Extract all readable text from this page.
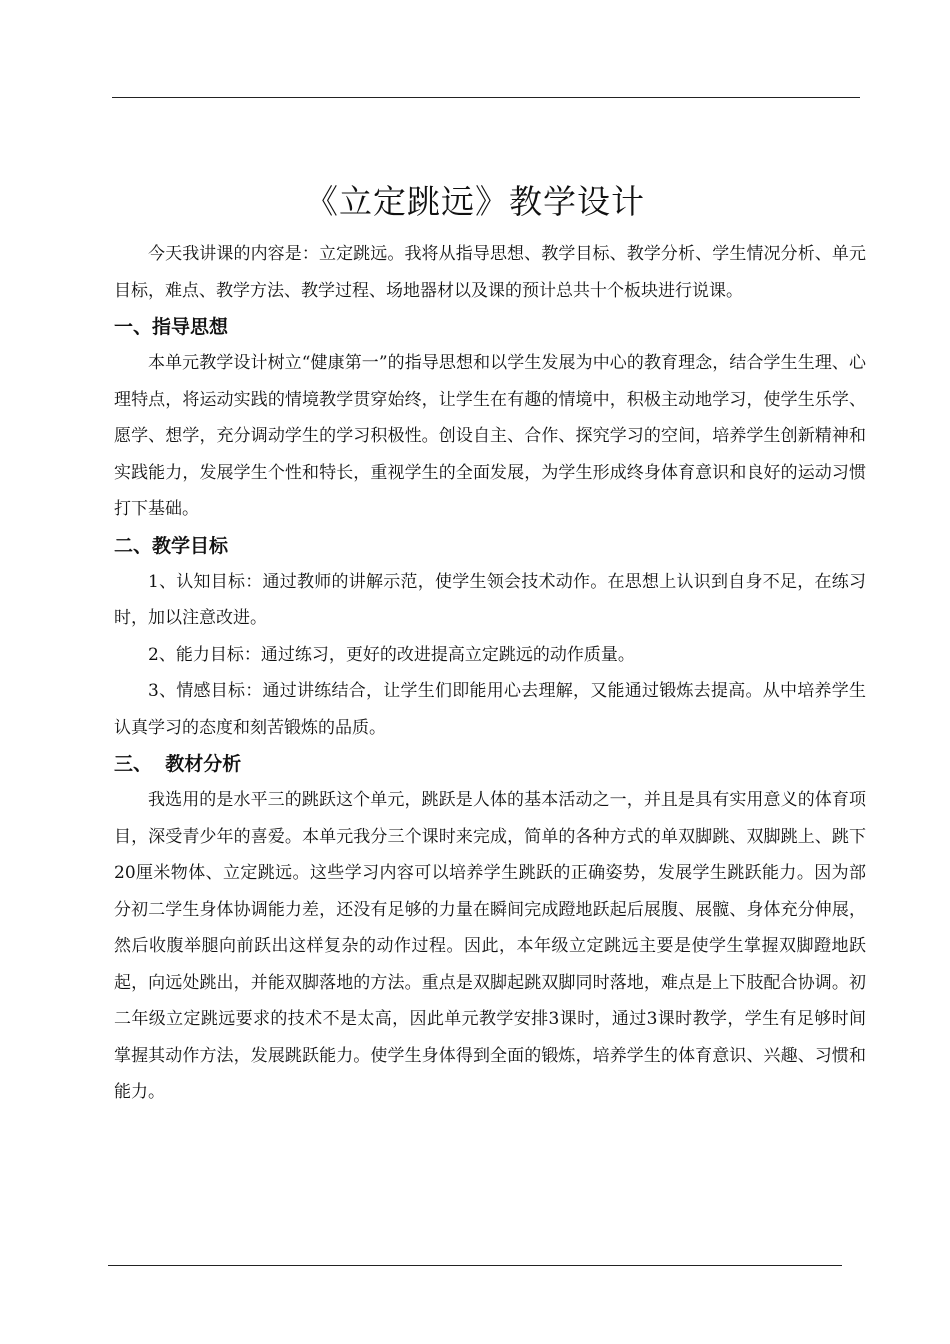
《立定跳远》教学设计

今天我讲课的内容是：立定跳远。我将从指导思想、教学目标、教学分析、学生情况分析、单元目标，难点、教学方法、教学过程、场地器材以及课的预计总共十个板块进行说课。

一、指导思想

本单元教学设计树立“健康第一”的指导思想和以学生发展为中心的教育理念，结合学生生理、心理特点，将运动实践的情境教学贯穿始终，让学生在有趣的情境中，积极主动地学习，使学生乐学、愿学、想学，充分调动学生的学习积极性。创设自主、合作、探究学习的空间，培养学生创新精神和实践能力，发展学生个性和特长，重视学生的全面发展，为学生形成终身体育意识和良好的运动习惯打下基础。

二、教学目标

1、认知目标：通过教师的讲解示范，使学生领会技术动作。在思想上认识到自身不足，在练习时，加以注意改进。

2、能力目标：通过练习，更好的改进提高立定跳远的动作质量。

3、情感目标：通过讲练结合，让学生们即能用心去理解，又能通过锻炼去提高。从中培养学生认真学习的态度和刻苦锻炼的品质。

三、  教材分析

我选用的是水平三的跳跃这个单元，跳跃是人体的基本活动之一，并且是具有实用意义的体育项目，深受青少年的喜爱。本单元我分三个课时来完成，简单的各种方式的单双脚跳、双脚跳上、跳下20厘米物体、立定跳远。这些学习内容可以培养学生跳跃的正确姿势，发展学生跳跃能力。因为部分初二学生身体协调能力差，还没有足够的力量在瞬间完成蹬地跃起后展腹、展髋、身体充分伸展，然后收腹举腿向前跃出这样复杂的动作过程。因此，本年级立定跳远主要是使学生掌握双脚蹬地跃起，向远处跳出，并能双脚落地的方法。重点是双脚起跳双脚同时落地，难点是上下肢配合协调。初二年级立定跳远要求的技术不是太高，因此单元教学安排3课时，通过3课时教学，学生有足够时间掌握其动作方法，发展跳跃能力。使学生身体得到全面的锻炼，培养学生的体育意识、兴趣、习惯和能力。
